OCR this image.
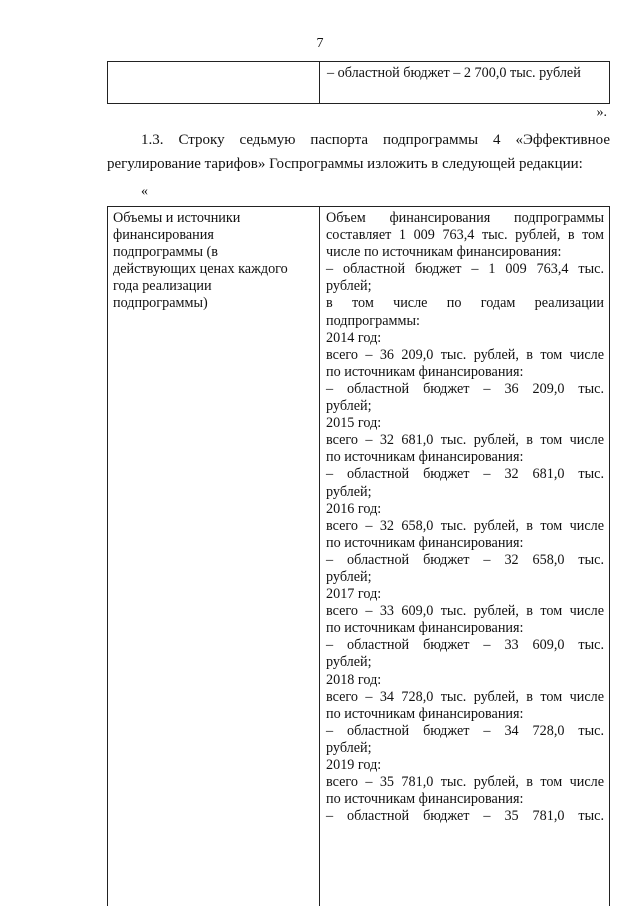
7
– областной бюджет – 2 700,0 тыс. рублей
».
1.3. Строку седьмую паспорта подпрограммы 4 «Эффективное
регулирование тарифов» Госпрограммы изложить в следующей редакции:
«
Объемы и источники
финансирования
подпрограммы (в
действующих ценах каждого
года реализации
подпрограммы)
Объем финансирования подпрограммы
составляет 1 009 763,4 тыс. рублей, в том
числе по источникам финансирования:
– областной бюджет – 1 009 763,4 тыс.
рублей;
в том числе по годам реализации
подпрограммы:
2014 год:
всего – 36 209,0 тыс. рублей, в том числе
по источникам финансирования:
– областной бюджет – 36 209,0 тыс.
рублей;
2015 год:
всего – 32 681,0 тыс. рублей, в том числе
по источникам финансирования:
– областной бюджет – 32 681,0 тыс.
рублей;
2016 год:
всего – 32 658,0 тыс. рублей, в том числе
по источникам финансирования:
– областной бюджет – 32 658,0 тыс.
рублей;
2017 год:
всего – 33 609,0 тыс. рублей, в том числе
по источникам финансирования:
– областной бюджет – 33 609,0 тыс.
рублей;
2018 год:
всего – 34 728,0 тыс. рублей, в том числе
по источникам финансирования:
– областной бюджет – 34 728,0 тыс.
рублей;
2019 год:
всего – 35 781,0 тыс. рублей, в том числе
по источникам финансирования:
– областной бюджет – 35 781,0 тыс.
